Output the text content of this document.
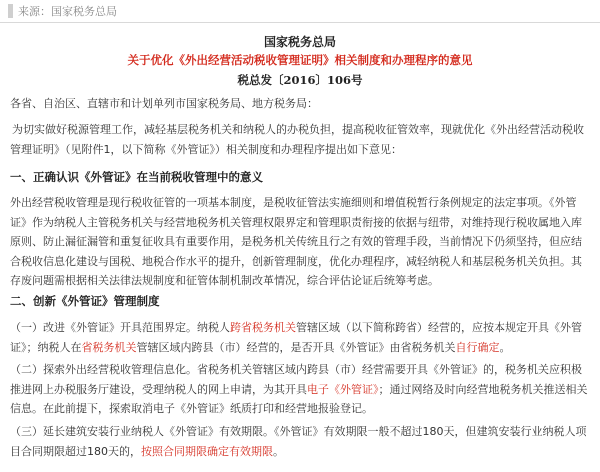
来源：国家税务总局
国家税务总局
关于优化《外出经营活动税收管理证明》相关制度和办理程序的意见
税总发〔2016〕106号

各省、自治区、直辖市和计划单列市国家税务局、地方税务局：

为切实做好税源管理工作，减轻基层税务机关和纳税人的办税负担，提高税收征管效率，现就优化《外出经营活动税收管理证明》（见附件1，以下简称《外管证》）相关制度和办理程序提出如下意见：

一、正确认识《外管证》在当前税收管理中的意义

外出经营税收管理是现行税收征管的一项基本制度，是税收征管法实施细则和增值税暂行条例规定的法定事项。《外管证》作为纳税人主管税务机关与经营地税务机关管理权限界定和管理职责衔接的依据与纽带，对维持现行税收属地入库原则、防止漏征漏管和重复征收具有重要作用，是税务机关传统且行之有效的管理手段，当前情况下仍须坚持，但应结合税收信息化建设与国税、地税合作水平的提升，创新管理制度，优化办理程序，减轻纳税人和基层税务机关负担。其存废问题需根据相关法律法规制度和征管体制机制改革情况，综合评估论证后统筹考虑。

二、创新《外管证》管理制度

（一）改进《外管证》开具范围界定。纳税人跨省税务机关管辖区域（以下简称跨省）经营的，应按本规定开具《外管证》；纳税人在省税务机关管辖区域内跨县（市）经营的，是否开具《外管证》由省税务机关自行确定。

（二）探索外出经营税收管理信息化。省税务机关管辖区域内跨县（市）经营需要开具《外管证》的，税务机关应积极推进网上办税服务厅建设，受理纳税人的网上申请，为其开具电子《外管证》；通过网络及时向经营地税务机关推送相关信息。在此前提下，探索取消电子《外管证》纸质打印和经营地报验登记。

（三）延长建筑安装行业纳税人《外管证》有效期限。《外管证》有效期限一般不超过180天，但建筑安装行业纳税人项目合同期限超过180天的，按照合同期限确定有效期限。
